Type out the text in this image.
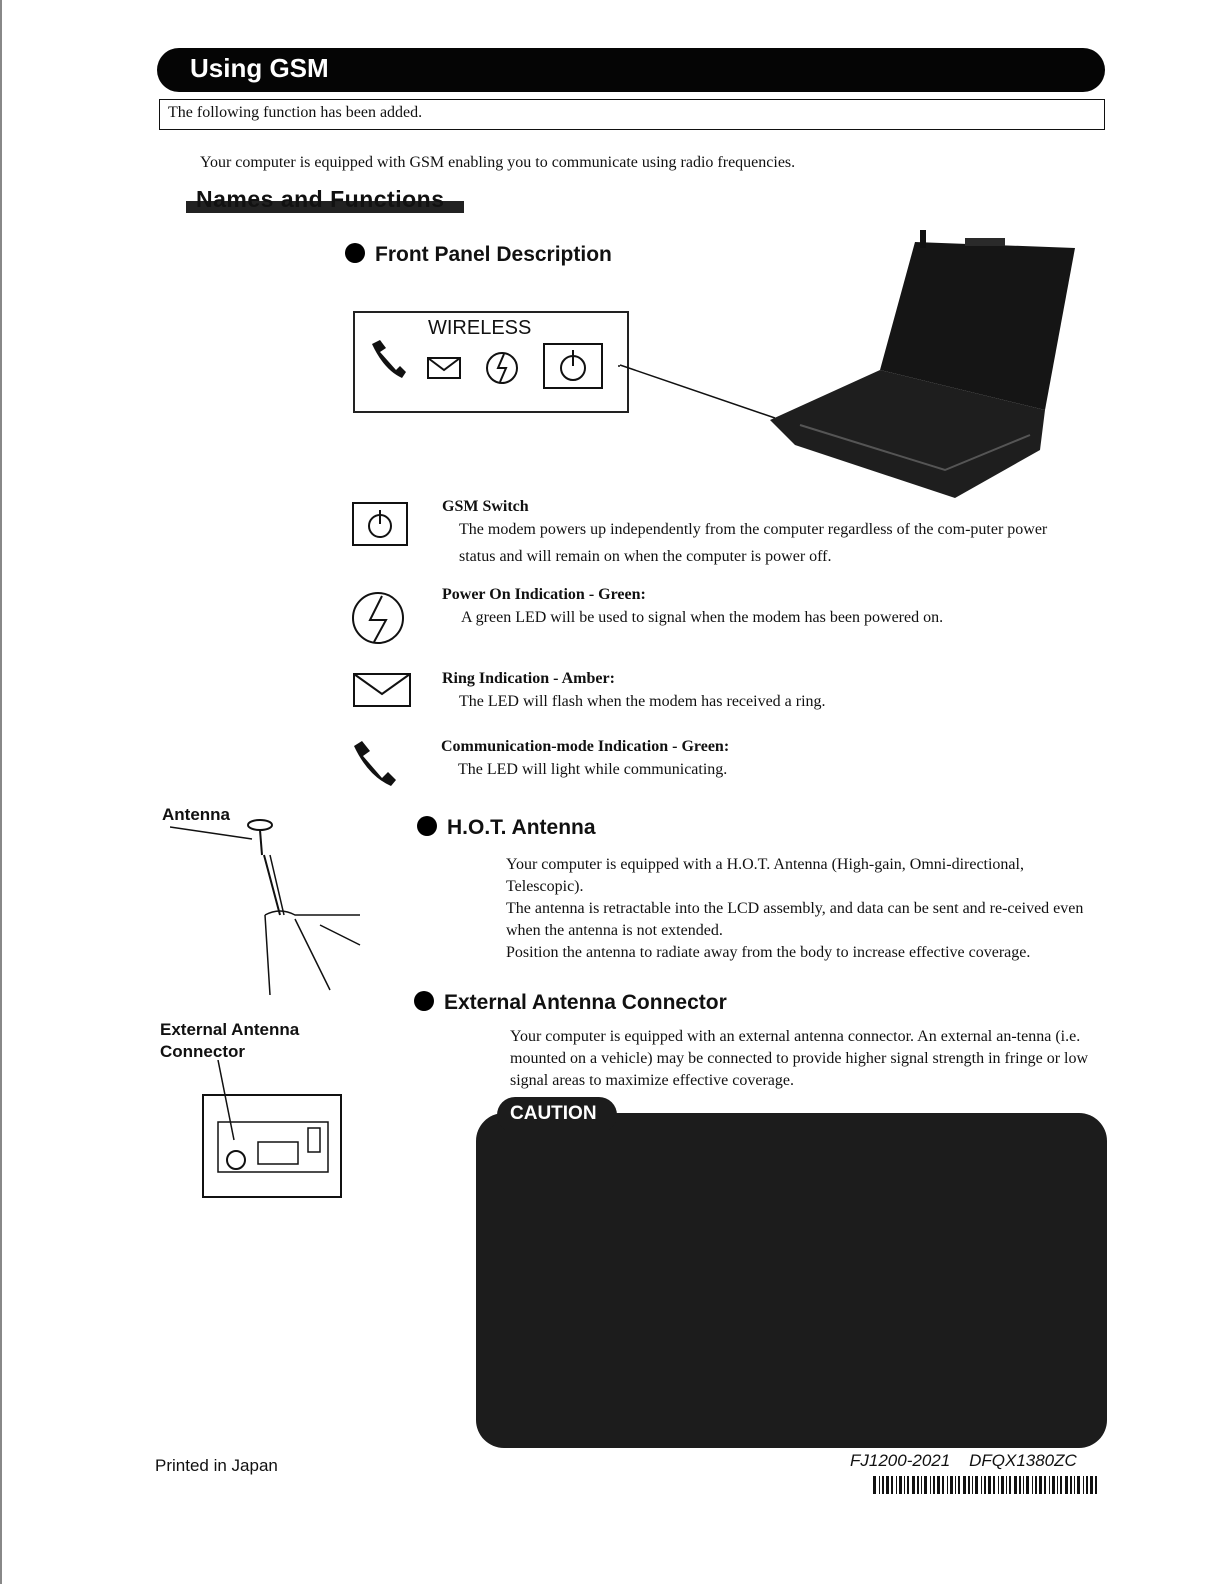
Using GSM
The following function has been added.
Your computer is equipped with GSM enabling you to communicate using radio frequencies.
Names and Functions
Front Panel Description
WIRELESS
GSM Switch
The modem powers up independently from the computer regardless of the com-puter power status and will remain on when the computer is power off.
Power On Indication - Green:
A green LED will be used to signal when the modem has been powered on.
Ring Indication - Amber:
The LED will flash when the modem has received a ring.
Communication-mode Indication - Green:
The LED will light while communicating.
Antenna
H.O.T. Antenna
Your computer is equipped with a H.O.T. Antenna (High-gain, Omni-directional, Telescopic).
The antenna is retractable into the LCD assembly, and data can be sent and re-ceived even when the antenna is not extended.
Position the antenna to radiate away from the body to increase effective coverage.
External Antenna Connector
External Antenna
Connector
Your computer is equipped with an external antenna connector. An external an-tenna (i.e. mounted on a vehicle) may be connected to provide higher signal strength in fringe or low signal areas to maximize effective coverage.
CAUTION
Printed in Japan	FJ1200-2021 DFQX1380ZC
